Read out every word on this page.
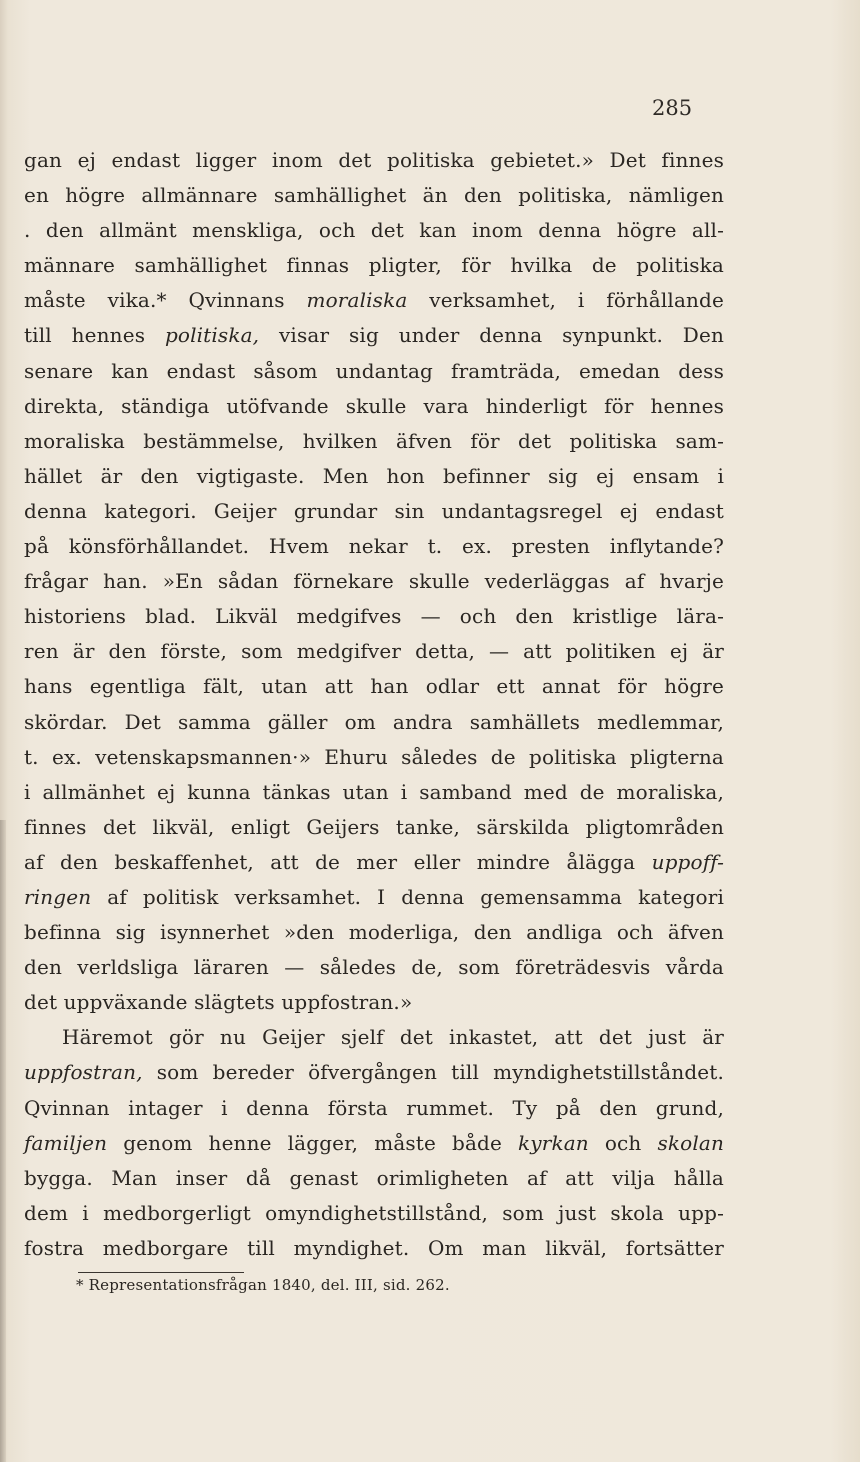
285
gan ej endast ligger inom det politiska gebietet.» Det finnes
en högre allmännare samhällighet än den politiska, nämligen
. den allmänt menskliga, och det kan inom denna högre all-
männare samhällighet finnas pligter, för hvilka de politiska
måste vika.* Qvinnans moraliska verksamhet, i förhållande
till hennes politiska, visar sig under denna synpunkt. Den
senare kan endast såsom undantag framträda, emedan dess
direkta, ständiga utöfvande skulle vara hinderligt för hennes
moraliska bestämmelse, hvilken äfven för det politiska sam-
hället är den vigtigaste. Men hon befinner sig ej ensam i
denna kategori. Geijer grundar sin undantagsregel ej endast
på könsförhållandet. Hvem nekar t. ex. presten inflytande?
frågar han. »En sådan förnekare skulle vederläggas af hvarje
historiens blad. Likväl medgifves — och den kristlige lära-
ren är den förste, som medgifver detta, — att politiken ej är
hans egentliga fält, utan att han odlar ett annat för högre
skördar. Det samma gäller om andra samhällets medlemmar,
t. ex. vetenskapsmannen·» Ehuru således de politiska pligterna
i allmänhet ej kunna tänkas utan i samband med de moraliska,
finnes det likväl, enligt Geijers tanke, särskilda pligtområden
af den beskaffenhet, att de mer eller mindre ålägga uppoff-
ringen af politisk verksamhet. I denna gemensamma kategori
befinna sig isynnerhet »den moderliga, den andliga och äfven
den verldsliga läraren — således de, som företrädesvis vårda
det uppväxande slägtets uppfostran.»
Häremot gör nu Geijer sjelf det inkastet, att det just är
uppfostran, som bereder öfvergången till myndighetstillståndet.
Qvinnan intager i denna första rummet. Ty på den grund,
familjen genom henne lägger, måste både kyrkan och skolan
bygga. Man inser då genast orimligheten af att vilja hålla
dem i medborgerligt omyndighetstillstånd, som just skola upp-
fostra medborgare till myndighet. Om man likväl, fortsätter
* Representationsfrågan 1840, del. III, sid. 262.
